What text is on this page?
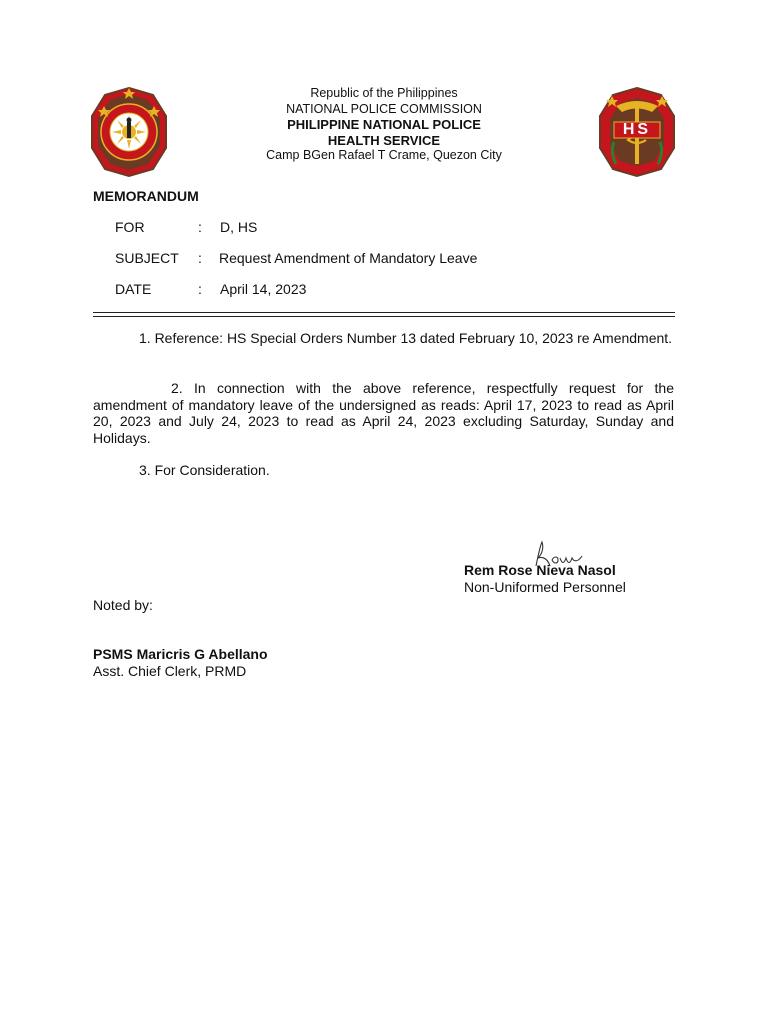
HS
Republic of the Philippines
NATIONAL POLICE COMMISSION
PHILIPPINE NATIONAL POLICE
HEALTH SERVICE
Camp BGen Rafael T Crame, Quezon City
MEMORANDUM
FOR	: D, HS
SUBJECT : Request Amendment of Mandatory Leave
DATE	: April 14, 2023
1. Reference: HS Special Orders Number 13 dated February 10, 2023 re Amendment.
2. In connection with the above reference, respectfully request for the amendment of mandatory leave of the undersigned as reads: April 17, 2023 to read as April 20, 2023 and July 24, 2023 to read as April 24, 2023 excluding Saturday, Sunday and Holidays.
3. For Consideration.
Rem Rose Nieva Nasol
Non-Uniformed Personnel
Noted by:
PSMS Maricris G Abellano
Asst. Chief Clerk, PRMD
